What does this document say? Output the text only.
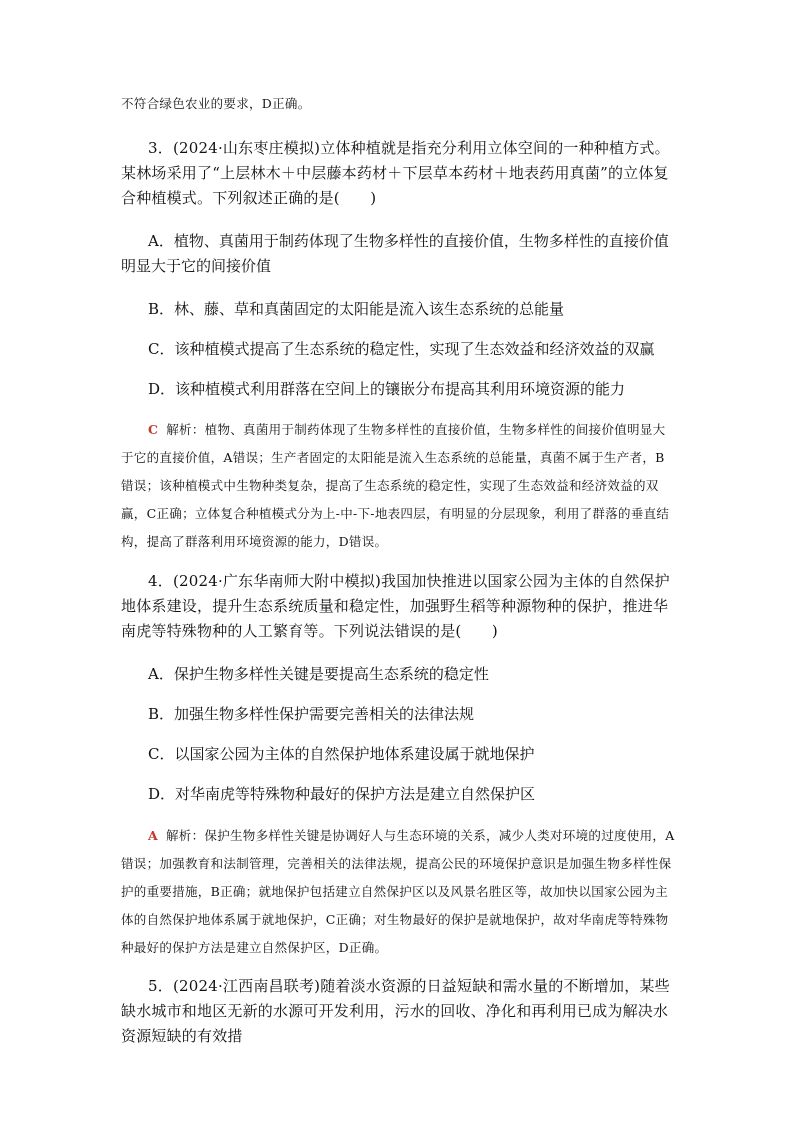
不符合绿色农业的要求，D正确。

3．(2024·山东枣庄模拟)立体种植就是指充分利用立体空间的一种种植方式。某林场采用了“上层林木＋中层藤本药材＋下层草本药材＋地表药用真菌”的立体复合种植模式。下列叙述正确的是(　　)

A．植物、真菌用于制药体现了生物多样性的直接价值，生物多样性的直接价值明显大于它的间接价值

B．林、藤、草和真菌固定的太阳能是流入该生态系统的总能量

C．该种植模式提高了生态系统的稳定性，实现了生态效益和经济效益的双赢

D．该种植模式利用群落在空间上的镶嵌分布提高其利用环境资源的能力

C 解析：植物、真菌用于制药体现了生物多样性的直接价值，生物多样性的间接价值明显大于它的直接价值，A错误；生产者固定的太阳能是流入生态系统的总能量，真菌不属于生产者，B错误；该种植模式中生物种类复杂，提高了生态系统的稳定性，实现了生态效益和经济效益的双赢，C正确；立体复合种植模式分为上-中-下-地表四层，有明显的分层现象，利用了群落的垂直结构，提高了群落利用环境资源的能力，D错误。

4．(2024·广东华南师大附中模拟)我国加快推进以国家公园为主体的自然保护地体系建设，提升生态系统质量和稳定性，加强野生稻等种源物种的保护，推进华南虎等特殊物种的人工繁育等。下列说法错误的是(　　)

A．保护生物多样性关键是要提高生态系统的稳定性

B．加强生物多样性保护需要完善相关的法律法规

C．以国家公园为主体的自然保护地体系建设属于就地保护

D．对华南虎等特殊物种最好的保护方法是建立自然保护区

A 解析：保护生物多样性关键是协调好人与生态环境的关系，减少人类对环境的过度使用，A错误；加强教育和法制管理，完善相关的法律法规，提高公民的环境保护意识是加强生物多样性保护的重要措施，B正确；就地保护包括建立自然保护区以及风景名胜区等，故加快以国家公园为主体的自然保护地体系属于就地保护，C正确；对生物最好的保护是就地保护，故对华南虎等特殊物种最好的保护方法是建立自然保护区，D正确。

5．(2024·江西南昌联考)随着淡水资源的日益短缺和需水量的不断增加，某些缺水城市和地区无新的水源可开发利用，污水的回收、净化和再利用已成为解决水资源短缺的有效措
